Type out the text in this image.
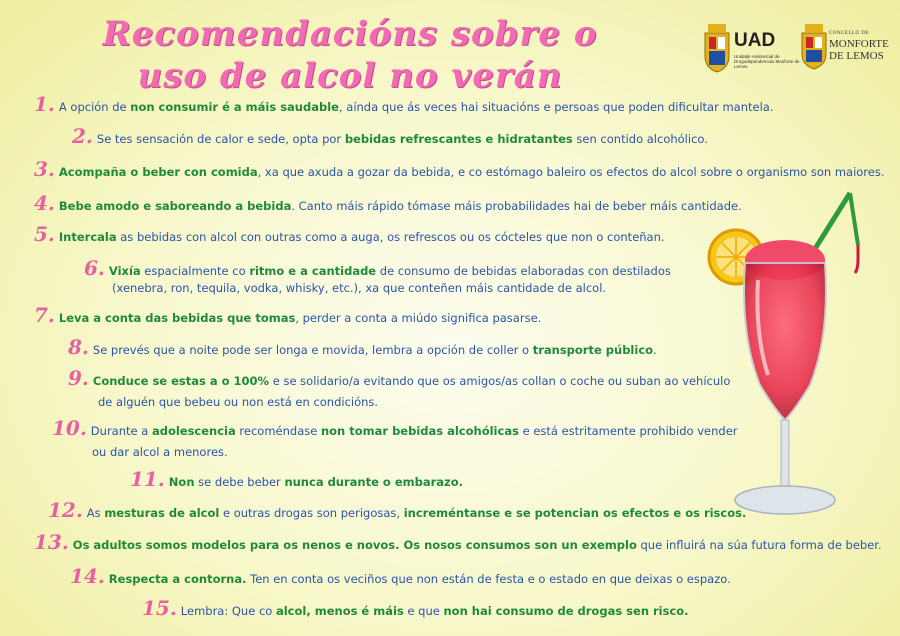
Recomendacións sobre o
uso de alcol no verán
UAD
Unidade Asistencial de Drogodependencias Monforte de Lemos
CONCELLO DE
MONFORTE
DE LEMOS
1. A opción de non consumir é a máis saudable, aínda que ás veces hai situacións e persoas que poden dificultar mantela.
2. Se tes sensación de calor e sede, opta por bebidas refrescantes e hidratantes sen contido alcohólico.
3. Acompaña o beber con comida, xa que axuda a gozar da bebida, e co estómago baleiro os efectos do alcol sobre o organismo son maiores.
4. Bebe amodo e saboreando a bebida. Canto máis rápido tómase máis probabilidades hai de beber máis cantidade.
5. Intercala as bebidas con alcol con outras como a auga, os refrescos ou os cócteles que non o conteñan.
6. Vixía espacialmente co ritmo e a cantidade de consumo de bebidas elaboradas con destilados
(xenebra, ron, tequila, vodka, whisky, etc.), xa que conteñen máis cantidade de alcol.
7. Leva a conta das bebidas que tomas, perder a conta a miúdo significa pasarse.
8. Se prevés que a noite pode ser longa e movida, lembra a opción de coller o transporte público.
9. Conduce se estas a o 100% e se solidario/a evitando que os amigos/as collan o coche ou suban ao vehículo
de alguén que bebeu ou non está en condicións.
10. Durante a adolescencia recoméndase non tomar bebidas alcohólicas e está estritamente prohibido vender
ou dar alcol a menores.
11. Non se debe beber nunca durante o embarazo.
12. As mesturas de alcol e outras drogas son perigosas, increméntanse e se potencian os efectos e os riscos.
13. Os adultos somos modelos para os nenos e novos. Os nosos consumos son un exemplo que influirá na súa futura forma de beber.
14. Respecta a contorna. Ten en conta os veciños que non están de festa e o estado en que deixas o espazo.
15. Lembra: Que co alcol, menos é máis e que non hai consumo de drogas sen risco.
